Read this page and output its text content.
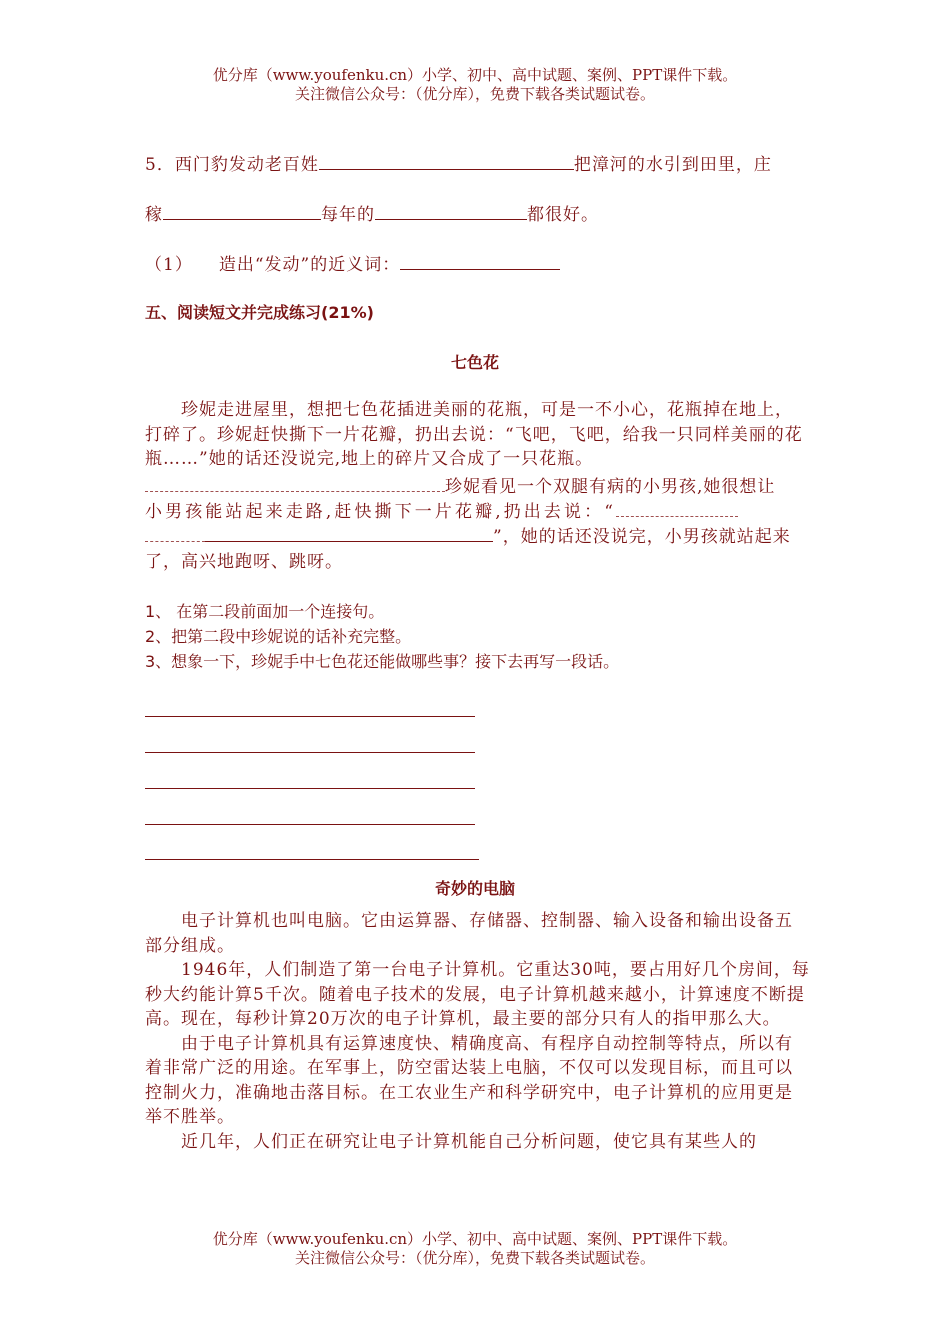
优分库（www.youfenku.cn）小学、初中、高中试题、案例、PPT课件下载。
关注微信公众号：（优分库），免费下载各类试题试卷。
5．西门豹发动老百姓	把漳河的水引到田里，庄
稼	每年的	都很好。
（1） 造出“发动”的近义词：
五、阅读短文并完成练习(21%)
七色花

珍妮走进屋里，想把七色花插进美丽的花瓶，可是一不小心，花瓶掉在地上，打碎了。珍妮赶快撕下一片花瓣，扔出去说：“飞吧，飞吧，给我一只同样美丽的花瓶……”她的话还没说完,地上的碎片又合成了一只花瓶。

珍妮看见一个双腿有病的小男孩,她很想让
小男孩能站起来走路,赶快撕下一片花瓣,扔出去说：“
”，她的话还没说完，小男孩就站起来
了，高兴地跑呀、跳呀。
1、 在第二段前面加一个连接句。
2、把第二段中珍妮说的话补充完整。
3、想象一下，珍妮手中七色花还能做哪些事？接下去再写一段话。
奇妙的电脑

电子计算机也叫电脑。它由运算器、存储器、控制器、输入设备和输出设备五部分组成。

1946年，人们制造了第一台电子计算机。它重达30吨，要占用好几个房间，每秒大约能计算5千次。随着电子技术的发展，电子计算机越来越小，计算速度不断提高。现在，每秒计算20万次的电子计算机，最主要的部分只有人的指甲那么大。

由于电子计算机具有运算速度快、精确度高、有程序自动控制等特点，所以有着非常广泛的用途。在军事上，防空雷达装上电脑，不仅可以发现目标，而且可以控制火力，准确地击落目标。在工农业生产和科学研究中，电子计算机的应用更是举不胜举。

近几年，人们正在研究让电子计算机能自己分析问题，使它具有某些人的

优分库（www.youfenku.cn）小学、初中、高中试题、案例、PPT课件下载。
关注微信公众号：（优分库），免费下载各类试题试卷。
